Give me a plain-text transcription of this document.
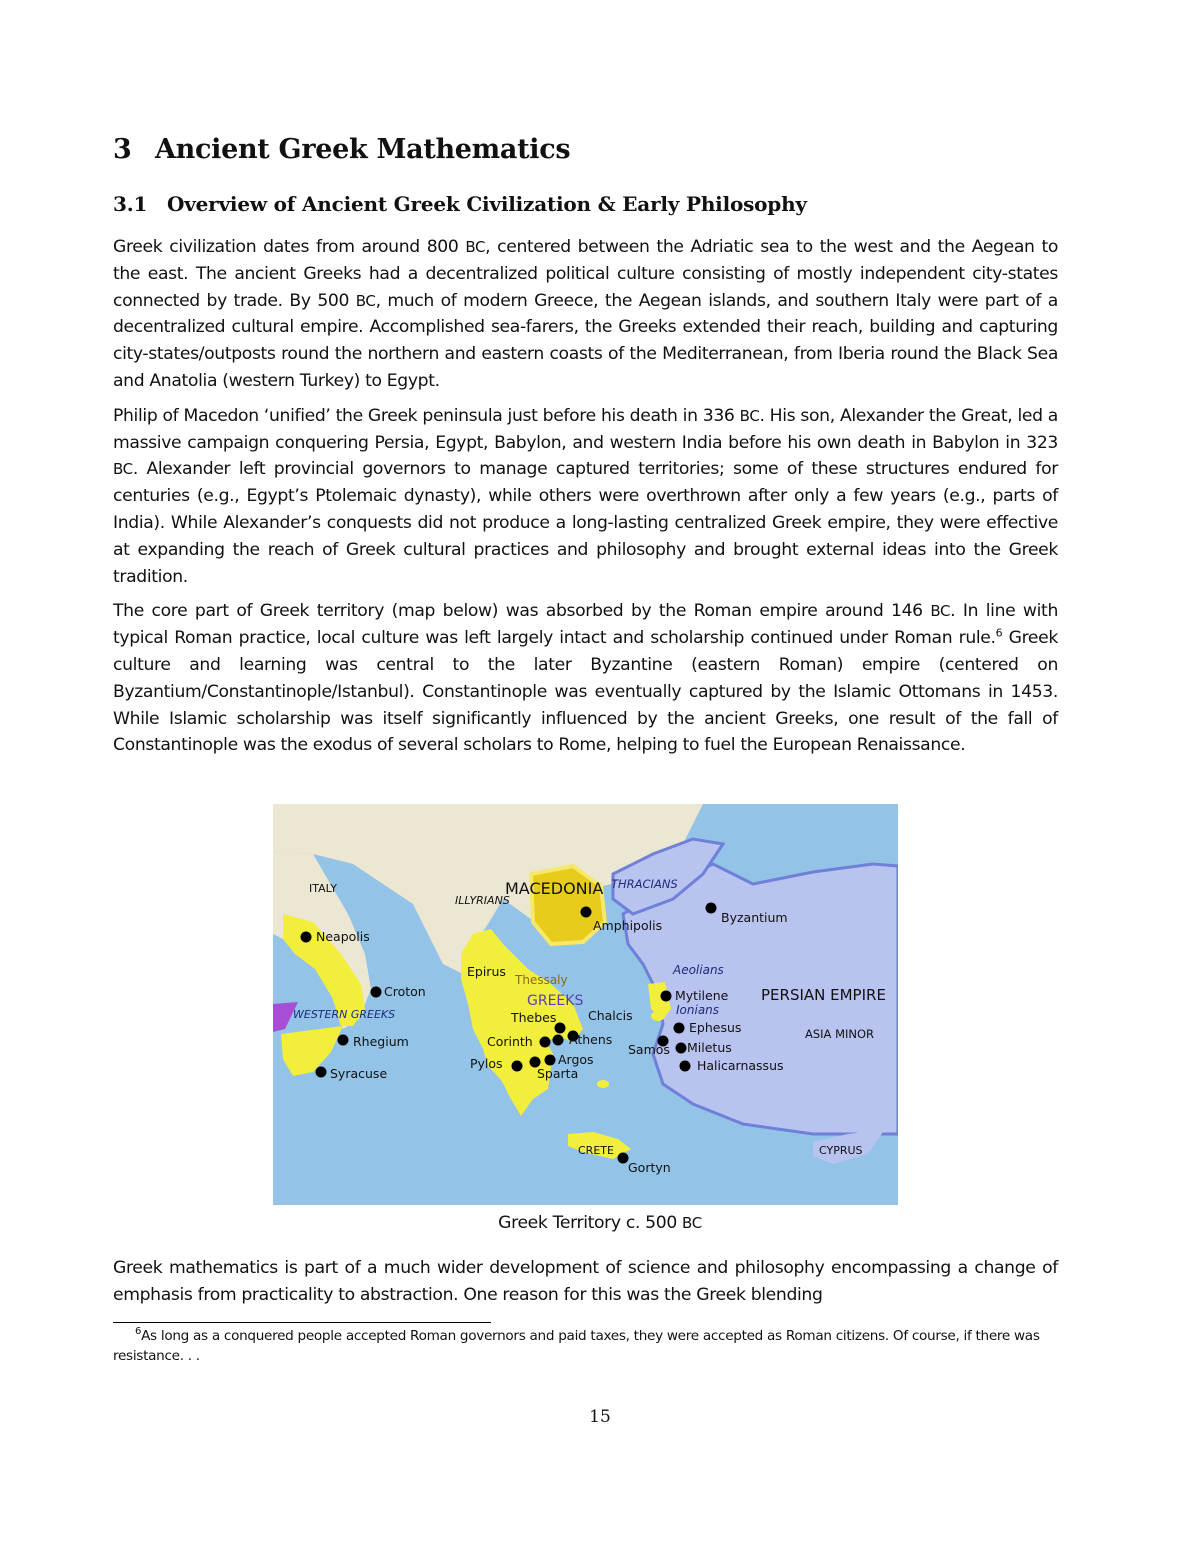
3 Ancient Greek Mathematics
3.1 Overview of Ancient Greek Civilization & Early Philosophy

Greek civilization dates from around 800 BC, centered between the Adriatic sea to the west and the Aegean to the east. The ancient Greeks had a decentralized political culture consisting of mostly independent city-states connected by trade. By 500 BC, much of modern Greece, the Aegean islands, and southern Italy were part of a decentralized cultural empire. Accomplished sea-farers, the Greeks extended their reach, building and capturing city-states/outposts round the northern and eastern coasts of the Mediterranean, from Iberia round the Black Sea and Anatolia (western Turkey) to Egypt.

Philip of Macedon ‘unified’ the Greek peninsula just before his death in 336 BC. His son, Alexander the Great, led a massive campaign conquering Persia, Egypt, Babylon, and western India before his own death in Babylon in 323 BC. Alexander left provincial governors to manage captured territories; some of these structures endured for centuries (e.g., Egypt’s Ptolemaic dynasty), while others were overthrown after only a few years (e.g., parts of India). While Alexander’s conquests did not produce a long-lasting centralized Greek empire, they were effective at expanding the reach of Greek cultural practices and philosophy and brought external ideas into the Greek tradition.

The core part of Greek territory (map below) was absorbed by the Roman empire around 146 BC. In line with typical Roman practice, local culture was left largely intact and scholarship continued under Roman rule.$^6$ Greek culture and learning was central to the later Byzantine (eastern Roman) empire (centered on Byzantium/Constantinople/Istanbul). Constantinople was eventually captured by the Islamic Ottomans in 1453. While Islamic scholarship was itself significantly influenced by the ancient Greeks, one result of the fall of Constantinople was the exodus of several scholars to Rome, helping to fuel the European Renaissance.

ITALY
ILLYRIANS
MACEDONIA THRACIANS
Byzantium
Amphipolis
Neapolis
Epirus
Thessaly
Aeolians
Croton
GREEKS	Mytilene PERSIAN EMPIRE
WESTERN GREEKS	Thebes	Chalcis	Ionians
Ephesus	ASIA MINOR
Rhegium	Corinth	Athens
Samos Miletus
Pylos	Argos
Sparta
Halicarnassus
Syracuse
CRETE
Gortyn
CYPRUS
Greek Territory c. 500 BC

Greek mathematics is part of a much wider development of science and philosophy encompassing a change of emphasis from practicality to abstraction. One reason for this was the Greek blending

$^6$As long as a conquered people accepted Roman governors and paid taxes, they were accepted as Roman citizens. Of course, if there was resistance. . .

15
